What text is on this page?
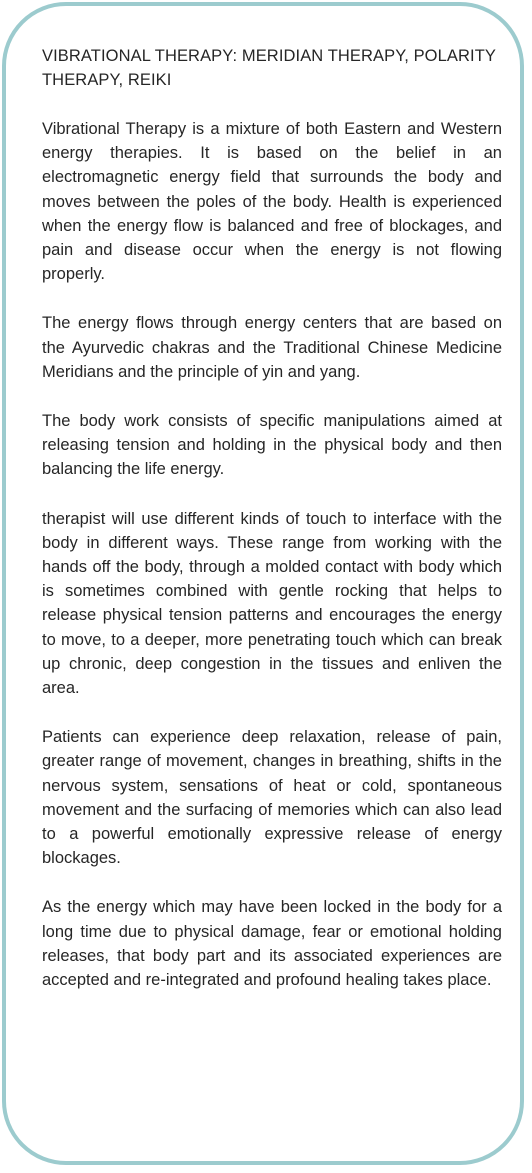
VIBRATIONAL THERAPY: MERIDIAN THERAPY, POLARITY THERAPY, REIKI

Vibrational Therapy is a mixture of both Eastern and Western energy therapies. It is based on the belief in an electromagnetic energy field that surrounds the body and moves between the poles of the body. Health is experienced when the energy flow is balanced and free of blockages, and pain and disease occur when the energy is not flowing properly.

The energy flows through energy centers that are based on the Ayurvedic chakras and the Traditional Chinese Medicine Meridians and the principle of yin and yang.

The body work consists of specific manipulations aimed at releasing tension and holding in the physical body and then balancing the life energy.

therapist will use different kinds of touch to interface with the body in different ways. These range from working with the hands off the body, through a molded contact with body which is sometimes combined with gentle rocking that helps to release physical tension patterns and encourages the energy to move, to a deeper, more penetrating touch which can break up chronic, deep congestion in the tissues and enliven the area.

Patients can experience deep relaxation, release of pain, greater range of movement, changes in breathing, shifts in the nervous system, sensations of heat or cold, spontaneous movement and the surfacing of memories which can also lead to a powerful emotionally expressive release of energy blockages.

As the energy which may have been locked in the body for a long time due to physical damage, fear or emotional holding releases, that body part and its associated experiences are accepted and re-integrated and profound healing takes place.
